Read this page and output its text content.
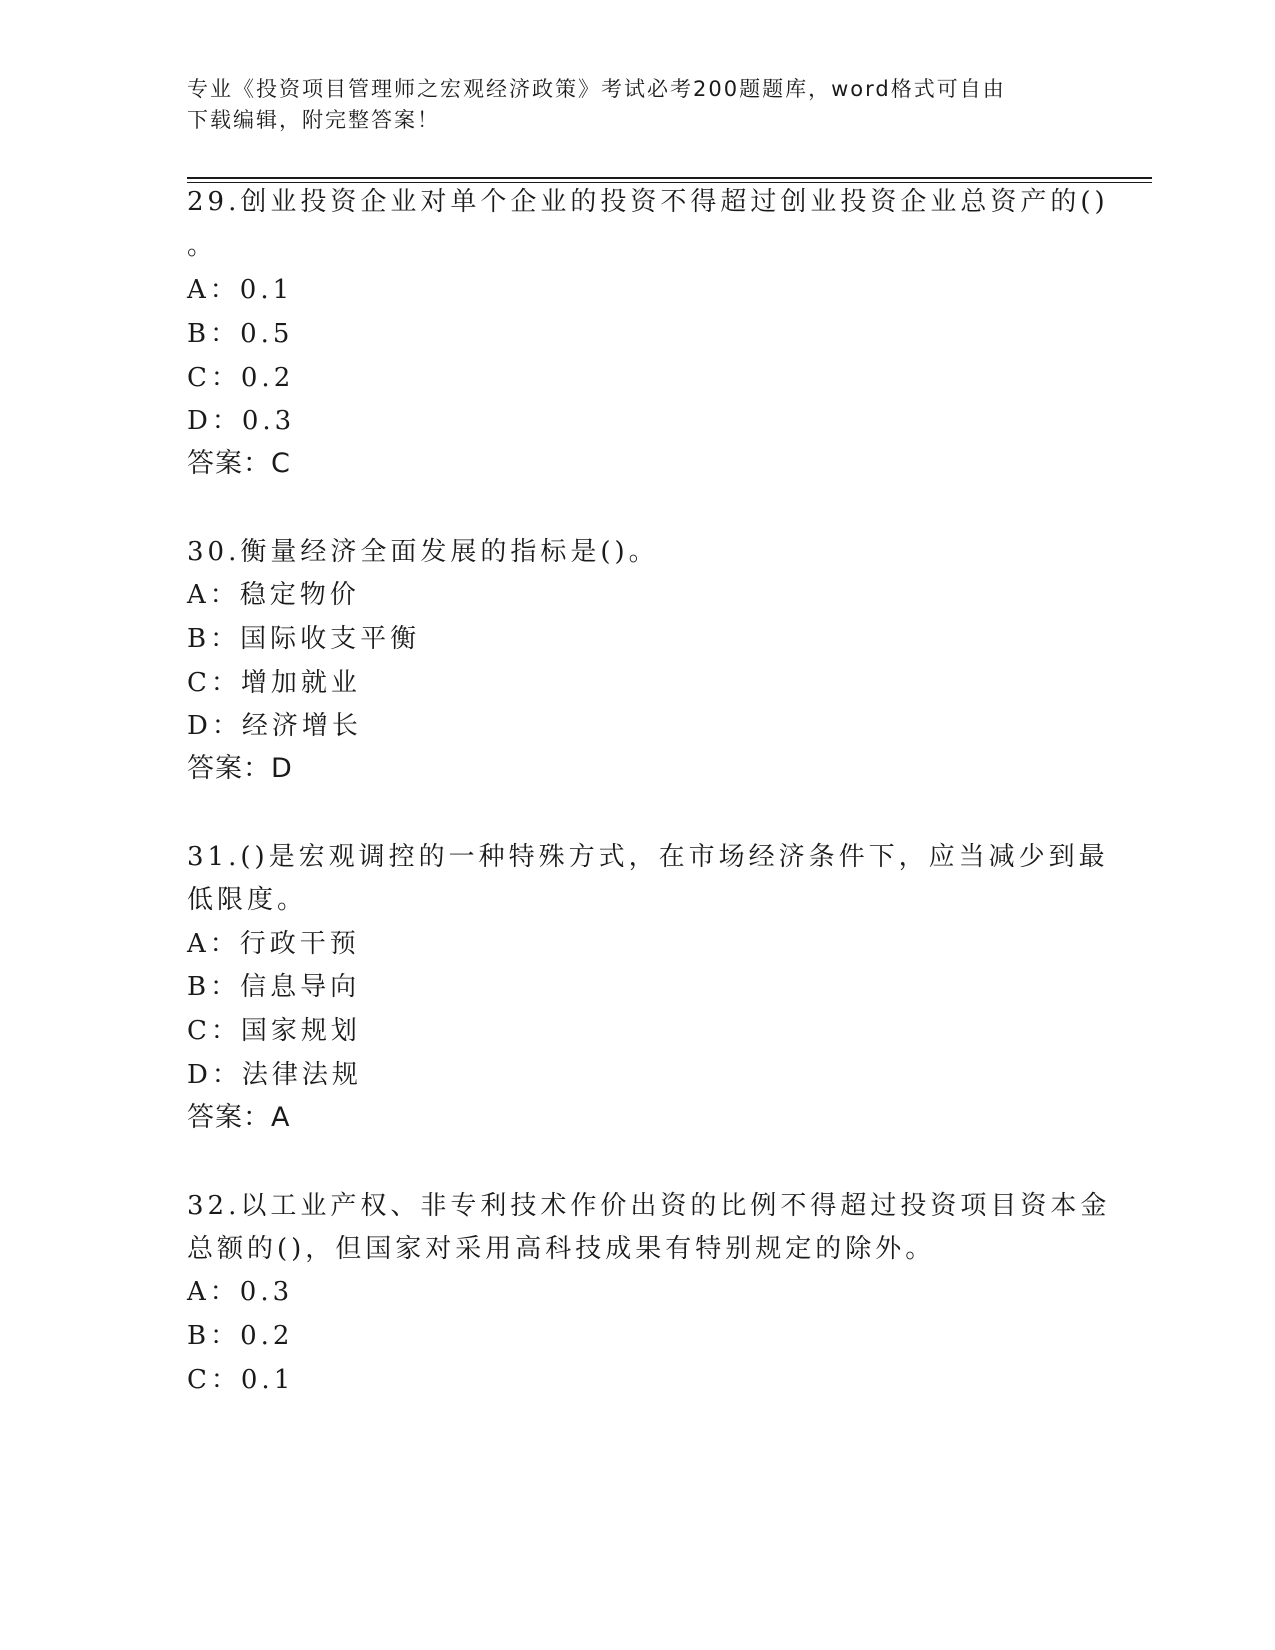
专业《投资项目管理师之宏观经济政策》考试必考200题题库，word格式可自由
下载编辑，附完整答案！
29.创业投资企业对单个企业的投资不得超过创业投资企业总资产的()
。
A：0.1
B：0.5
C：0.2
D：0.3
答案：C
30.衡量经济全面发展的指标是()。
A：稳定物价
B：国际收支平衡
C：增加就业
D：经济增长
答案：D
31.()是宏观调控的一种特殊方式，在市场经济条件下，应当减少到最
低限度。
A：行政干预
B：信息导向
C：国家规划
D：法律法规
答案：A
32.以工业产权、非专利技术作价出资的比例不得超过投资项目资本金
总额的()，但国家对采用高科技成果有特别规定的除外。
A：0.3
B：0.2
C：0.1
